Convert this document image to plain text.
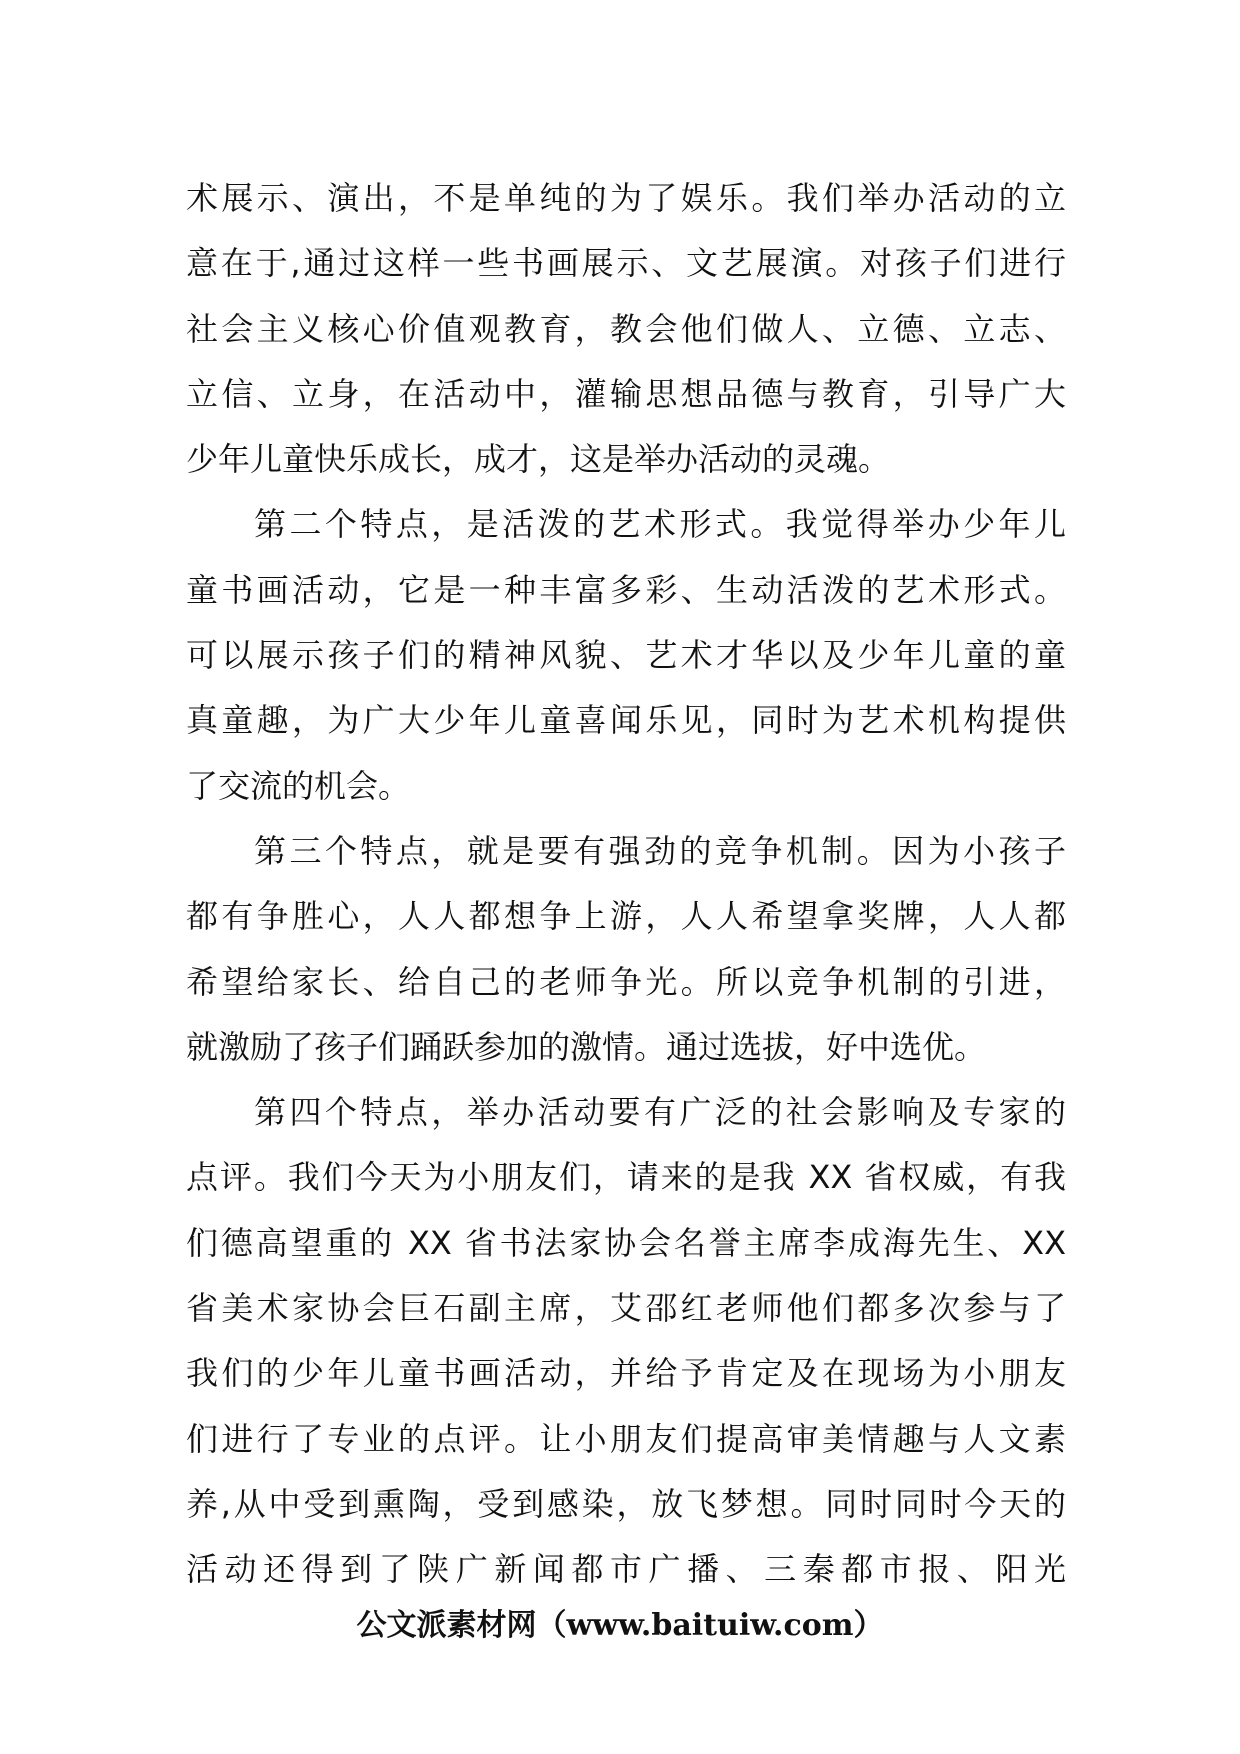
术展示、演出，不是单纯的为了娱乐。我们举办活动的立
意在于,通过这样一些书画展示、文艺展演。对孩子们进行
社会主义核心价值观教育，教会他们做人、立德、立志、
立信、立身，在活动中，灌输思想品德与教育，引导广大
少年儿童快乐成长，成才，这是举办活动的灵魂。
第二个特点，是活泼的艺术形式。我觉得举办少年儿
童书画活动，它是一种丰富多彩、生动活泼的艺术形式。
可以展示孩子们的精神风貌、艺术才华以及少年儿童的童
真童趣，为广大少年儿童喜闻乐见，同时为艺术机构提供
了交流的机会。
第三个特点，就是要有强劲的竞争机制。因为小孩子
都有争胜心，人人都想争上游，人人希望拿奖牌，人人都
希望给家长、给自己的老师争光。所以竞争机制的引进，
就激励了孩子们踊跃参加的激情。通过选拔，好中选优。
第四个特点，举办活动要有广泛的社会影响及专家的
点评。我们今天为小朋友们，请来的是我 XX 省权威，有我
们德高望重的 XX 省书法家协会名誉主席李成海先生、XX
省美术家协会巨石副主席，艾邵红老师他们都多次参与了
我们的少年儿童书画活动，并给予肯定及在现场为小朋友
们进行了专业的点评。让小朋友们提高审美情趣与人文素
养,从中受到熏陶，受到感染，放飞梦想。同时同时今天的
活动还得到了陕广新闻都市广播、三秦都市报、阳光
公文派素材网（www.baituiw.com）
